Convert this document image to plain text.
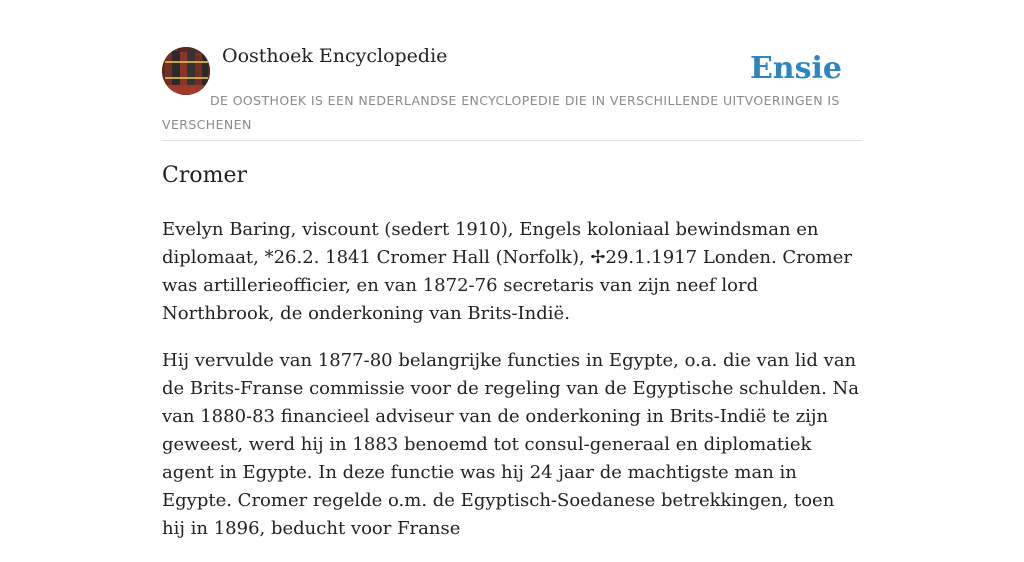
Oosthoek Encyclopedie	Ensie

DE OOSTHOEK IS EEN NEDERLANDSE ENCYCLOPEDIE DIE IN VERSCHILLENDE UITVOERINGEN IS VERSCHENEN

Cromer

Evelyn Baring, viscount (sedert 1910), Engels koloniaal bewindsman en diplomaat, *26.2. 1841 Cromer Hall (Norfolk), ✢29.1.1917 Londen. Cromer was artillerieofficier, en van 1872-76 secretaris van zijn neef lord Northbrook, de onderkoning van Brits-Indië.

Hij vervulde van 1877-80 belangrijke functies in Egypte, o.a. die van lid van de Brits-Franse commissie voor de regeling van de Egyptische schulden. Na van 1880-83 financieel adviseur van de onderkoning in Brits-Indië te zijn geweest, werd hij in 1883 benoemd tot consul-generaal en diplomatiek agent in Egypte. In deze functie was hij 24 jaar de machtigste man in Egypte. Cromer regelde o.m. de Egyptisch-Soedanese betrekkingen, toen hij in 1896, beducht voor Franse
